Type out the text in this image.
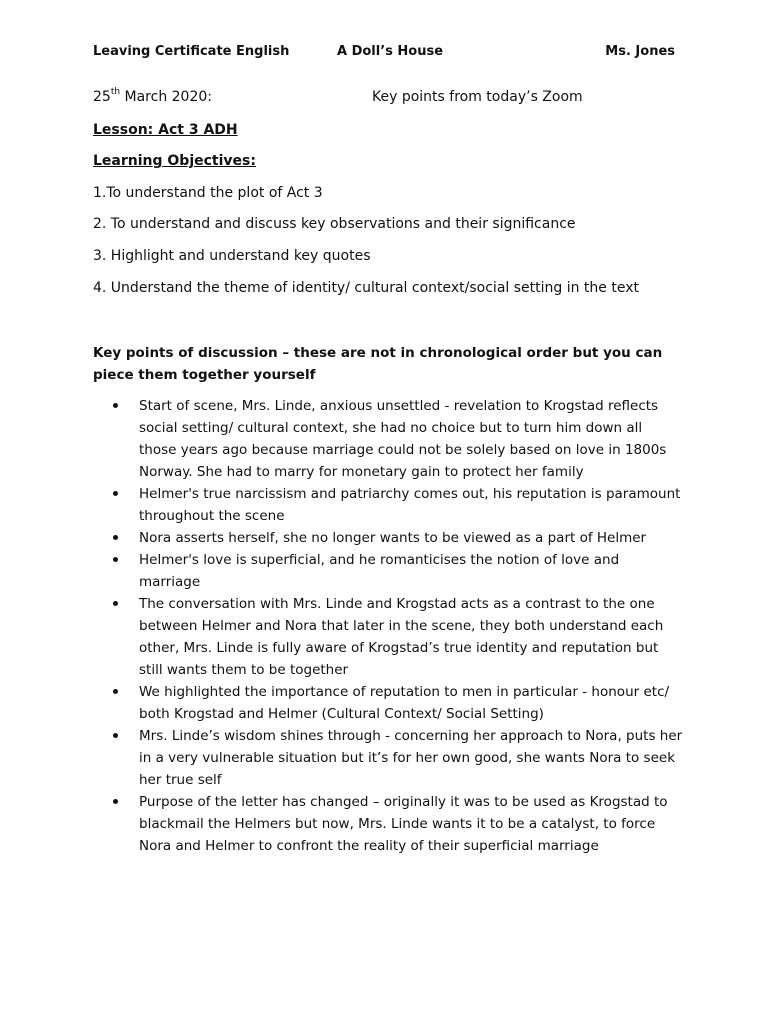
Leaving Certificate English	A Doll’s House	Ms. Jones
25th March 2020:	Key points from today’s Zoom
Lesson: Act 3 ADH
Learning Objectives:
1.To understand the plot of Act 3
2. To understand and discuss key observations and their significance
3. Highlight and understand key quotes
4. Understand the theme of identity/ cultural context/social setting in the text
Key points of discussion – these are not in chronological order but you can piece them together yourself
Start of scene, Mrs. Linde, anxious unsettled - revelation to Krogstad reflects social setting/ cultural context, she had no choice but to turn him down all those years ago because marriage could not be solely based on love in 1800s Norway. She had to marry for monetary gain to protect her family
Helmer's true narcissism and patriarchy comes out, his reputation is paramount throughout the scene
Nora asserts herself, she no longer wants to be viewed as a part of Helmer
Helmer's love is superficial, and he romanticises the notion of love and marriage
The conversation with Mrs. Linde and Krogstad acts as a contrast to the one between Helmer and Nora that later in the scene, they both understand each other, Mrs. Linde is fully aware of Krogstad’s true identity and reputation but still wants them to be together
We highlighted the importance of reputation to men in particular - honour etc/ both Krogstad and Helmer (Cultural Context/ Social Setting)
Mrs. Linde’s wisdom shines through - concerning her approach to Nora, puts her in a very vulnerable situation but it’s for her own good, she wants Nora to seek her true self
Purpose of the letter has changed – originally it was to be used as Krogstad to blackmail the Helmers but now, Mrs. Linde wants it to be a catalyst, to force Nora and Helmer to confront the reality of their superficial marriage
